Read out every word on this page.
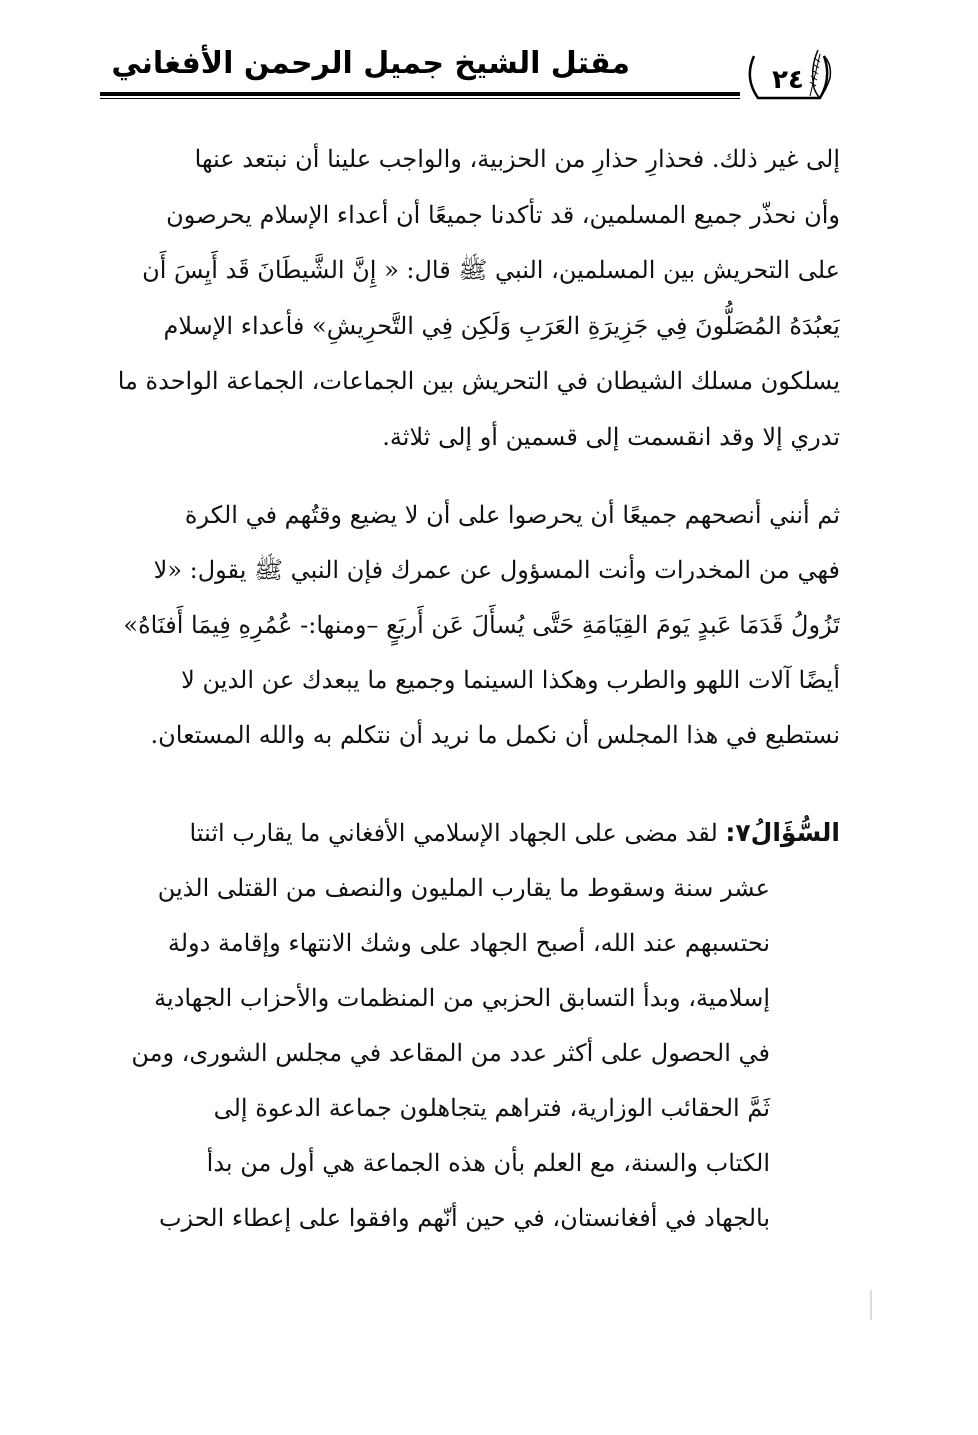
مقتل الشيخ جميل الرحمن الأفغاني	٢٤
إلى غير ذلك. فحذارِ حذارِ من الحزبية، والواجب علينا أن نبتعد عنها
وأن نحذّر جميع المسلمين، قد تأكدنا جميعًا أن أعداء الإسلام يحرصون
على التحريش بين المسلمين، النبي ﷺ قال: « إِنَّ الشَّيطَانَ قَد أَيِسَ أَن
يَعبُدَهُ المُصَلُّونَ فِي جَزِيرَةِ العَرَبِ وَلَكِن فِي التَّحرِيشِ» فأعداء الإسلام
يسلكون مسلك الشيطان في التحريش بين الجماعات، الجماعة الواحدة ما
تدري إلا وقد انقسمت إلى قسمين أو إلى ثلاثة.
ثم أنني أنصحهم جميعًا أن يحرصوا على أن لا يضيع وقتُهم في الكرة
فهي من المخدرات وأنت المسؤول عن عمرك فإن النبي ﷺ يقول: «لا
تَزُولُ قَدَمَا عَبدٍ يَومَ القِيَامَةِ حَتَّى يُسأَلَ عَن أَربَعٍ –ومنها:- عُمُرِهِ فِيمَا أَفنَاهُ»
أيضًا آلات اللهو والطرب وهكذا السينما وجميع ما يبعدك عن الدين لا
نستطيع في هذا المجلس أن نكمل ما نريد أن نتكلم به والله المستعان.
السُّؤَالُ٧: لقد مضى على الجهاد الإسلامي الأفغاني ما يقارب اثنتا
عشر سنة وسقوط ما يقارب المليون والنصف من القتلى الذين
نحتسبهم عند الله، أصبح الجهاد على وشك الانتهاء وإقامة دولة
إسلامية، وبدأ التسابق الحزبي من المنظمات والأحزاب الجهادية
في الحصول على أكثر عدد من المقاعد في مجلس الشورى، ومن
ثَمَّ الحقائب الوزارية، فتراهم يتجاهلون جماعة الدعوة إلى
الكتاب والسنة، مع العلم بأن هذه الجماعة هي أول من بدأ
بالجهاد في أفغانستان، في حين أنّهم وافقوا على إعطاء الحزب
